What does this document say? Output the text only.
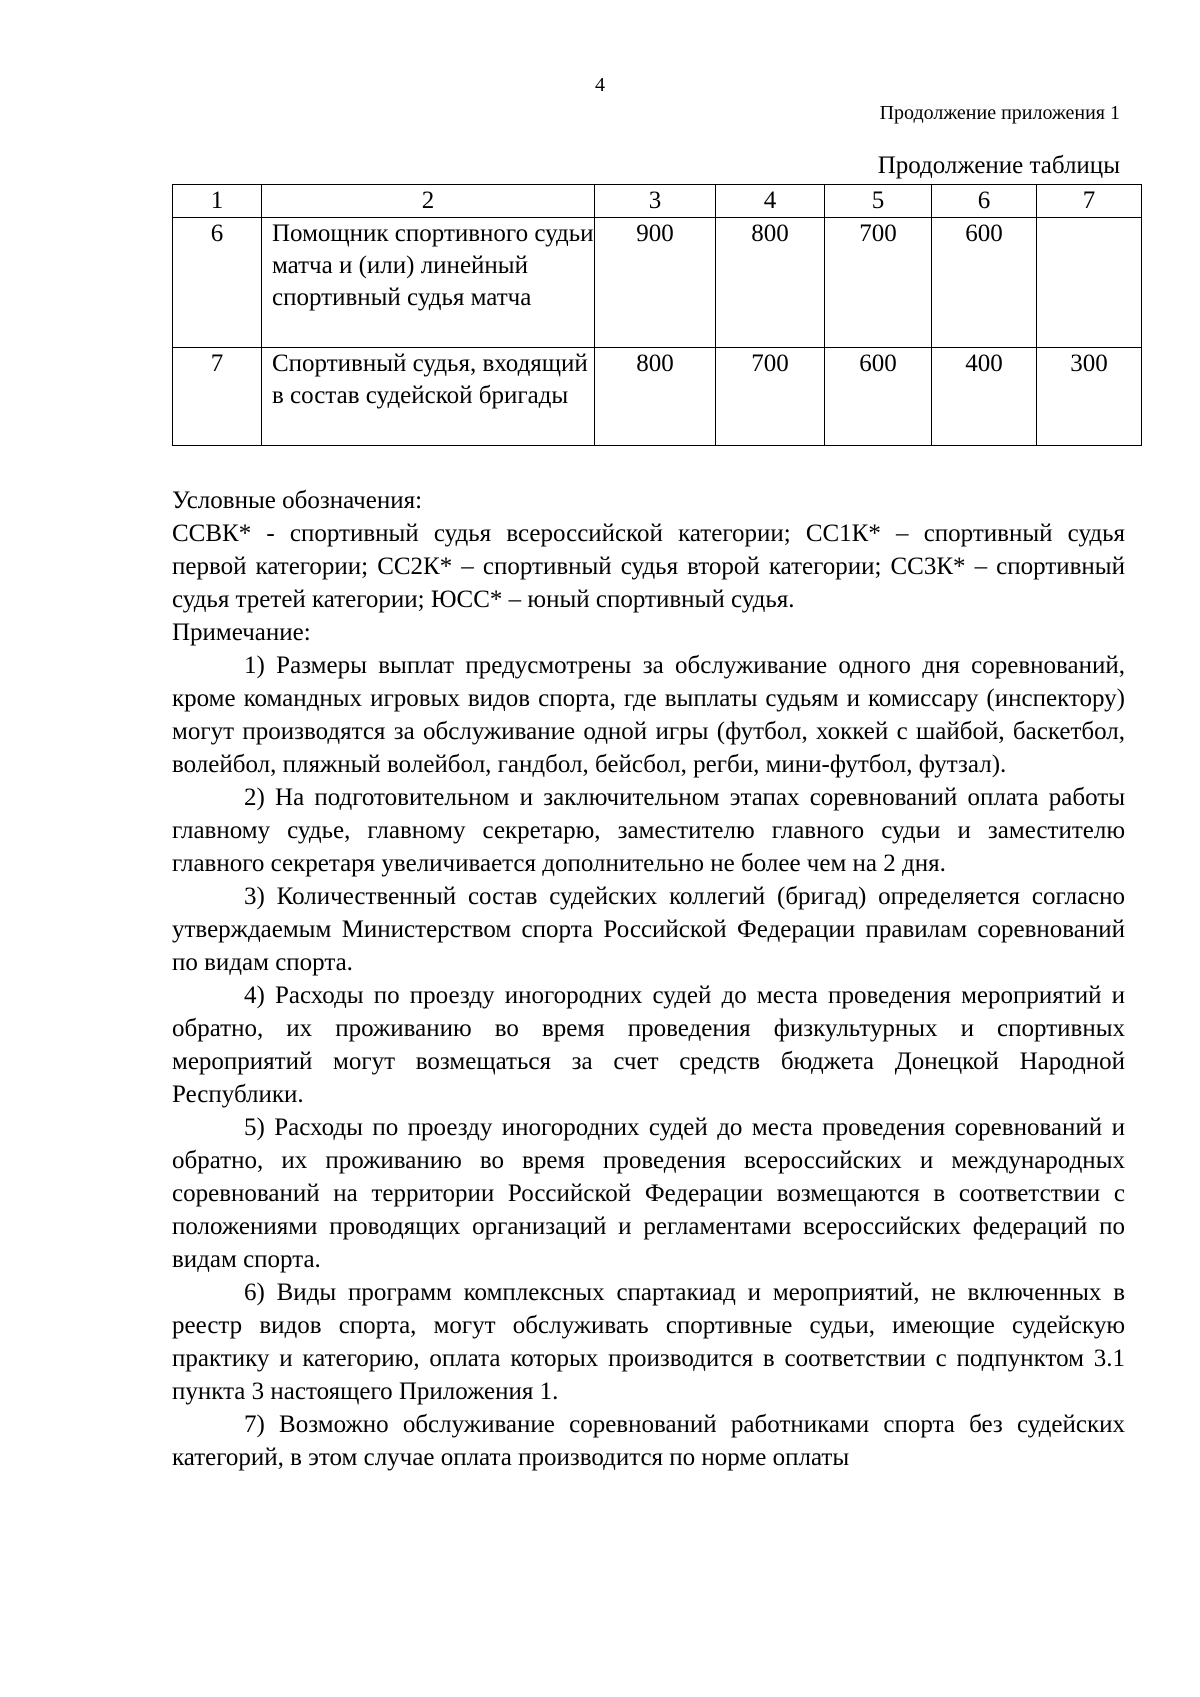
4
Продолжение приложения 1
Продолжение таблицы
1	2	3	4	5	6	7
6	Помощник спортивного судьи матча и (или) линейный спортивный судья матча	900	800	700	600	
7	Спортивный судья, входящий в состав судейской бригады	800	700	600	400	300

Условные обозначения:

ССВК* - спортивный судья всероссийской категории; СС1К* – спортивный судья первой категории; СС2К* – спортивный судья второй категории; СС3К* – спортивный судья третей категории; ЮСС* – юный спортивный судья.

Примечание:

1) Размеры выплат предусмотрены за обслуживание одного дня соревнований, кроме командных игровых видов спорта, где выплаты судьям и комиссару (инспектору) могут производятся за обслуживание одной игры (футбол, хоккей с шайбой, баскетбол, волейбол, пляжный волейбол, гандбол, бейсбол, регби, мини-футбол, футзал).

2) На подготовительном и заключительном этапах соревнований оплата работы главному судье, главному секретарю, заместителю главного судьи и заместителю главного секретаря увеличивается дополнительно не более чем на 2 дня.

3) Количественный состав судейских коллегий (бригад) определяется согласно утверждаемым Министерством спорта Российской Федерации правилам соревнований по видам спорта.

4) Расходы по проезду иногородних судей до места проведения мероприятий и обратно, их проживанию во время проведения физкультурных и спортивных мероприятий могут возмещаться за счет средств бюджета Донецкой Народной Республики.

5) Расходы по проезду иногородних судей до места проведения соревнований и обратно, их проживанию во время проведения всероссийских и международных соревнований на территории Российской Федерации возмещаются в соответствии с положениями проводящих организаций и регламентами всероссийских федераций по видам спорта.

6) Виды программ комплексных спартакиад и мероприятий, не включенных в реестр видов спорта, могут обслуживать спортивные судьи, имеющие судейскую практику и категорию, оплата которых производится в соответствии с подпунктом 3.1 пункта 3 настоящего Приложения 1.

7) Возможно обслуживание соревнований работниками спорта без судейских категорий, в этом случае оплата производится по норме оплаты
